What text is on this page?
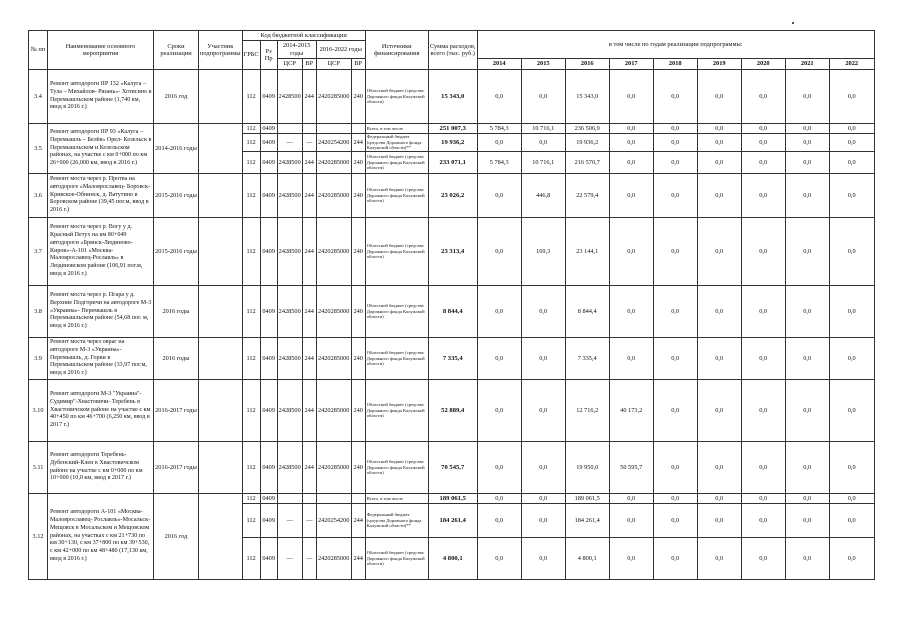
№ пп	Наименование основного мероприятия	Сроки реализации	Участник подпрограммы	Код бюджетной классификации						Источники финансирования	Сумма расходов, всего (тыс. руб.)	в том числе по годам реализации подпрограммы:								
				ГРБС	Рз Пр	2014-2015 годы		2016-2022 годы												

						ЦСР	ВР	ЦСР	ВР			2014	2015	2016	2017	2018	2019	2020	2021	2022
3.4	Ремонт автодороги IIР 132 «Калуга – Тула – Михайлов- Рязань»- Хотисино в Перемышльском районе (1,740 км, ввод в 2016 г.)	2016 год		112	0409	2428500	244	2420285000	240	Областной бюджет (средства Дорожного фонда Калужской области)	15 343,0	0,0	0,0	15 343,0	0,0	0,0	0,0	0,0	0,0	0,0
3.5	Ремонт автодороги IIР 93 «Калуга – Перемышль – Белёв» Орел- Козельск в Перемышльском и Козельском районах, на участке с км 0+000 по км 26+000 (26,000 км, ввод в 2016 г.)	2014-2016 годы		112	0409					Всего, в том числе	251 007,3	5 784,3	10 716,1	236 506,9	0,0	0,0	0,0	0,0	0,0	0,0
				112	0409	—	—	2420254200	244	Федеральный бюджет (средства Дорожного фонда Калужской области)**	19 936,2	0,0	0,0	19 936,2	0,0	0,0	0,0	0,0	0,0	0,0
				112	0409	2428500	244	2420285000	240	Областной бюджет (средства Дорожного фонда Калужской области)	233 071,1	5 784,3	10 716,1	216 570,7	0,0	0,0	0,0	0,0	0,0	0,0
3.6	Ремонт моста через р. Протва на автодороге «Малоярославец- Боровск-Кривское-Обнинск, д. Ватутино в Боровском районе (39,45 пог.м, ввод в 2016 г.)	2015-2016 годы		112	0409	2428500	244	2420285000	240	Областной бюджет (средства Дорожного фонда Калужской области)	23 026,2	0,0	446,8	22 579,4	0,0	0,0	0,0	0,0	0,0	0,0
3.7	Ремонт моста через р. Вогу у д. Красный Петух на км 80+049 автодороги «Брянск-Людиново- Киров»-А-101 «Москва- Малоярославец-Рославль» в Людиновском районе (106,91 пог.м, ввод в 2016 г.)	2015-2016 годы		112	0409	2428500	244	2420285000	240	Областной бюджет (средства Дорожного фонда Калужской области)	23 313,4	0,0	169,3	23 144,1	0,0	0,0	0,0	0,0	0,0	0,0
3.8	Ремонт моста через р. Пгара у д. Верхние Подгоричи на автодороге М-3 «Украина»- Перемышль в Перемышльском районе (54,68 пог. м, ввод в 2016 г.)	2016 годы		112	0409	2428500	244	2420285000	240	Областной бюджет (средства Дорожного фонда Калужской области)	8 844,4	0,0	0,0	8 844,4	0,0	0,0	0,0	0,0	0,0	0,0
3.9	Ремонт моста через овраг на автодороге М-3 «Украина»- Перемышль, д. Горки в Перемышльском районе (33,97 пог.м, ввод в 2016 г.)	2016 годы		112	0409	2428500	244	2420285000	240	Областной бюджет (средства Дорожного фонда Калужской области)	7 335,4	0,0	0,0	7 335,4	0,0	0,0	0,0	0,0	0,0	0,0
3.10	Ремонт автодороги М-3 "Украина"-Судимир"-Хвастовичи- Теребень в Хвастовичском районе на участке с км 40+450 по км 46+700 (6,250 км, ввод в 2017 г.)	2016-2017 годы		112	0409	2428500	244	2420285000	240	Областной бюджет (средства Дорожного фонда Калужской области)	52 889,4	0,0	0,0	12 716,2	40 173,2	0,0	0,0	0,0	0,0	0,0
3.11	Ремонт автодороги Теребень- Дубенский-Клен в Хвастовичском районе на участке с км 0+000 по км 10+000 (10,0 км, ввод в 2017 г.)	2016-2017 годы		112	0409	2428500	244	2420285000	240	Областной бюджет (средства Дорожного фонда Калужской области)	70 545,7	0,0	0,0	19 950,0	50 595,7	0,0	0,0	0,0	0,0	0,0
3.12	Ремонт автодороги А-101 «Москва-Малоярославец- Рославль»-Мосальск-Мещовск в Мосальском и Мещовском районах, на участках с км 21+730 по км 30+130, с км 37+800 по км 39+530, с км 42+000 по км 48+480 (17,130 км, ввод в 2016 г.)	2016 год		112	0409					Всего, в том числе	189 061,5	0,0	0,0	189 061,5	0,0	0,0	0,0	0,0	0,0	0,0
				112	0409	—	—	2420254200	244	Федеральный бюджет (средства Дорожного фонда Калужской области)**	184 261,4	0,0	0,0	184 261,4	0,0	0,0	0,0	0,0	0,0	0,0
				112	0409	—	—	2420285000	244	Областной бюджет (средства Дорожного фонда Калужской области)	4 800,1	0,0	0,0	4 800,1	0,0	0,0	0,0	0,0	0,0	0,0
